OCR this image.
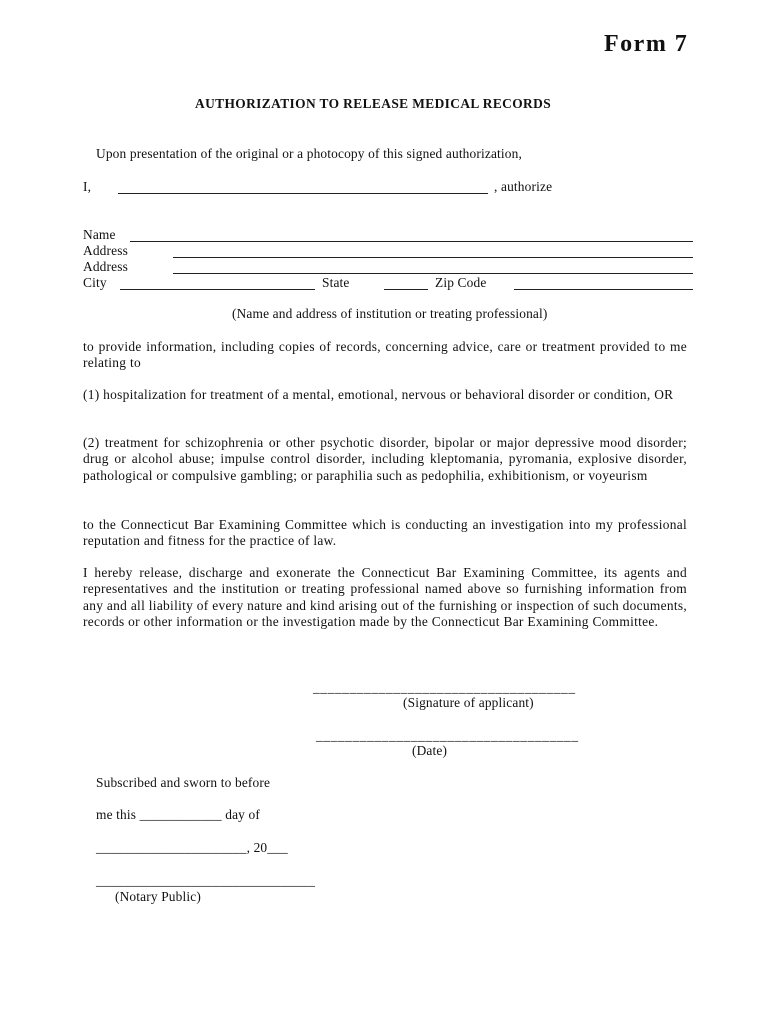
Form 7
AUTHORIZATION TO RELEASE MEDICAL RECORDS
Upon presentation of the original or a photocopy of this signed authorization,
I,	, authorize
Name
Address
Address
City	State	Zip Code
(Name and address of institution or treating professional)
to provide information, including copies of records, concerning advice, care or treatment provided to me relating to
(1) hospitalization for treatment of a mental, emotional, nervous or behavioral disorder or condition, OR
(2) treatment for schizophrenia or other psychotic disorder, bipolar or major depressive mood disorder; drug or alcohol abuse; impulse control disorder, including kleptomania, pyromania, explosive disorder, pathological or compulsive gambling; or paraphilia such as pedophilia, exhibitionism, or voyeurism
to the Connecticut Bar Examining Committee which is conducting an investigation into my professional reputation and fitness for the practice of law.
I hereby release, discharge and exonerate the Connecticut Bar Examining Committee, its agents and representatives and the institution or treating professional named above so furnishing information from any and all liability of every nature and kind arising out of the furnishing or inspection of such documents, records or other information or the investigation made by the Connecticut Bar Examining Committee.
____________________________________
(Signature of applicant)
____________________________________
(Date)
Subscribed and sworn to before
me this ____________ day of
______________________, 20___
________________________________
(Notary Public)
